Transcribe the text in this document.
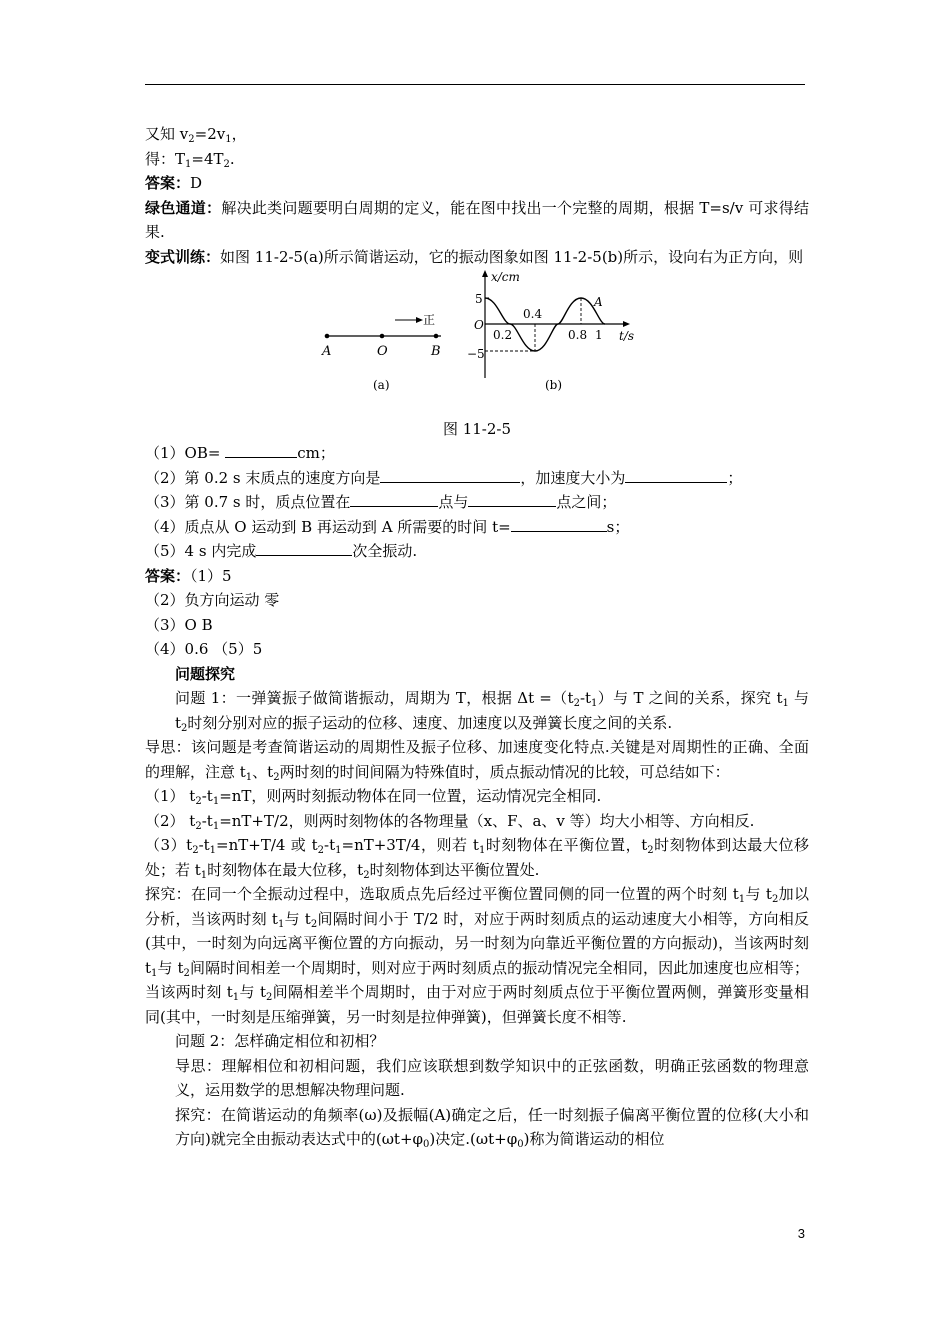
又知 $v_2=2v_1$，
得：$T_1=4T_2$.
答案：D
绿色通道：解决此类问题要明白周期的定义，能在图中找出一个完整的周期，根据 T=s/v 可求得结果.
变式训练：如图 11-2-5(a)所示简谐运动，它的振动图象如图 11-2-5(b)所示，设向右为正方向，则
正
A	O	B
(a)
x/cm
t/s
5
−5
O
0.2
0.4
0.8 1
A
(b)
图 11-2-5
（1）OB=	cm；
（2）第 0.2 s 末质点的速度方向是	，加速度大小为	；
（3）第 0.7 s 时，质点位置在	点与	点之间；
（4）质点从 O 运动到 B 再运动到 A 所需要的时间 t=	s；
（5）4 s 内完成	次全振动.
答案：（1）5
（2）负方向运动 零
（3）O B
（4）0.6 （5）5
问题探究
问题 1：一弹簧振子做简谐振动，周期为 T，根据 $\Delta t =(t_2-t_1)$与 T 之间的关系，探究 $t_1$ 与 $t_2$时刻分别对应的振子运动的位移、速度、加速度以及弹簧长度之间的关系.
导思：该问题是考查简谐运动的周期性及振子位移、加速度变化特点.关键是对周期性的正确、全面的理解，注意 $t_1$、$t_2$两时刻的时间间隔为特殊值时，质点振动情况的比较，可总结如下：
（1） $t_2-t_1=nT$，则两时刻振动物体在同一位置，运动情况完全相同.
（2） $t_2-t_1=nT+T/2$，则两时刻物体的各物理量（x、F、a、v 等）均大小相等、方向相反.
$(3)t_2-t_1=nT+T/4$ 或 $t_2-t_1=nT+3T/4$，则若 $t_1$时刻物体在平衡位置，$t_2$时刻物体到达最大位移处；若 $t_1$时刻物体在最大位移，$t_2$时刻物体到达平衡位置处.
探究：在同一个全振动过程中，选取质点先后经过平衡位置同侧的同一位置的两个时刻 $t_1$与 $t_2$加以分析，当该两时刻 $t_1$与 $t_2$间隔时间小于 T/2 时，对应于两时刻质点的运动速度大小相等，方向相反(其中，一时刻为向远离平衡位置的方向振动，另一时刻为向靠近平衡位置的方向振动)，当该两时刻 $t_1$与 $t_2$间隔时间相差一个周期时，则对应于两时刻质点的振动情况完全相同，因此加速度也应相等；当该两时刻 $t_1$与 $t_2$间隔相差半个周期时，由于对应于两时刻质点位于平衡位置两侧，弹簧形变量相同(其中，一时刻是压缩弹簧，另一时刻是拉伸弹簧)，但弹簧长度不相等.
问题 2：怎样确定相位和初相？
导思：理解相位和初相问题，我们应该联想到数学知识中的正弦函数，明确正弦函数的物理意义，运用数学的思想解决物理问题.
探究：在简谐运动的角频率(ω)及振幅(A)确定之后，任一时刻振子偏离平衡位置的位移(大小和方向)就完全由振动表达式中的$(\omega t+\varphi_0)$决定$.(\omega t+\varphi_0)$称为简谐运动的相位
3
